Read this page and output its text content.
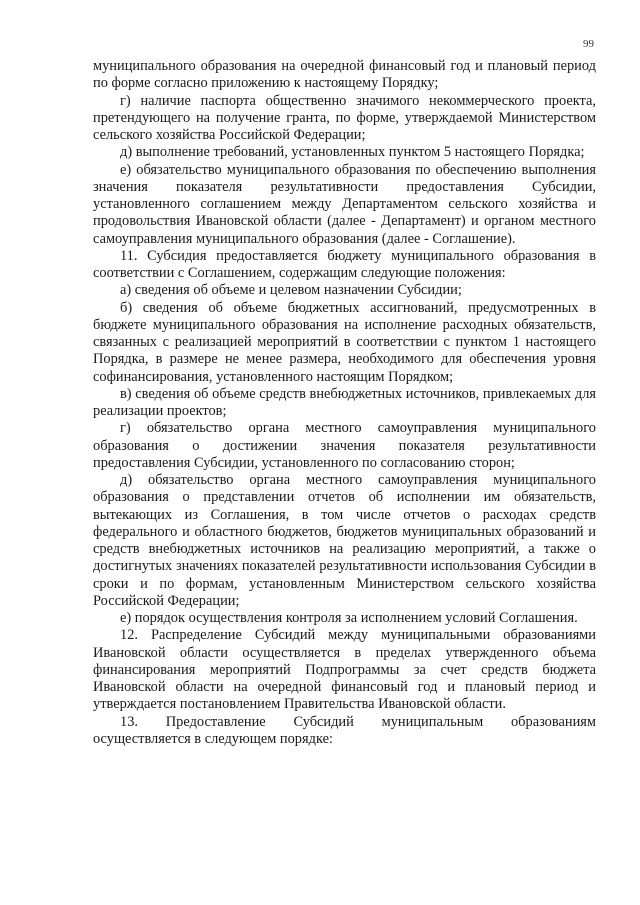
99

муниципального образования на очередной финансовый год и плановый период по форме согласно приложению к настоящему Порядку;

г) наличие паспорта общественно значимого некоммерческого проекта, претендующего на получение гранта, по форме, утверждаемой Министерством сельского хозяйства Российской Федерации;

д) выполнение требований, установленных пунктом 5 настоящего Порядка;

е) обязательство муниципального образования по обеспечению выполнения значения показателя результативности предоставления Субсидии, установленного соглашением между Департаментом сельского хозяйства и продовольствия Ивановской области (далее - Департамент) и органом местного самоуправления муниципального образования (далее - Соглашение).

11. Субсидия предоставляется бюджету муниципального образования в соответствии с Соглашением, содержащим следующие положения:

а) сведения об объеме и целевом назначении Субсидии;

б) сведения об объеме бюджетных ассигнований, предусмотренных в бюджете муниципального образования на исполнение расходных обязательств, связанных с реализацией мероприятий в соответствии с пунктом 1 настоящего Порядка, в размере не менее размера, необходимого для обеспечения уровня софинансирования, установленного настоящим Порядком;

в) сведения об объеме средств внебюджетных источников, привлекаемых для реализации проектов;

г) обязательство органа местного самоуправления муниципального образования о достижении значения показателя результативности предоставления Субсидии, установленного по согласованию сторон;

д) обязательство органа местного самоуправления муниципального образования о представлении отчетов об исполнении им обязательств, вытекающих из Соглашения, в том числе отчетов о расходах средств федерального и областного бюджетов, бюджетов муниципальных образований и средств внебюджетных источников на реализацию мероприятий, а также о достигнутых значениях показателей результативности использования Субсидии в сроки и по формам, установленным Министерством сельского хозяйства Российской Федерации;

е) порядок осуществления контроля за исполнением условий Соглашения.

12. Распределение Субсидий между муниципальными образованиями Ивановской области осуществляется в пределах утвержденного объема финансирования мероприятий Подпрограммы за счет средств бюджета Ивановской области на очередной финансовый год и плановый период и утверждается постановлением Правительства Ивановской области.

13. Предоставление Субсидий муниципальным образованиям осуществляется в следующем порядке:
